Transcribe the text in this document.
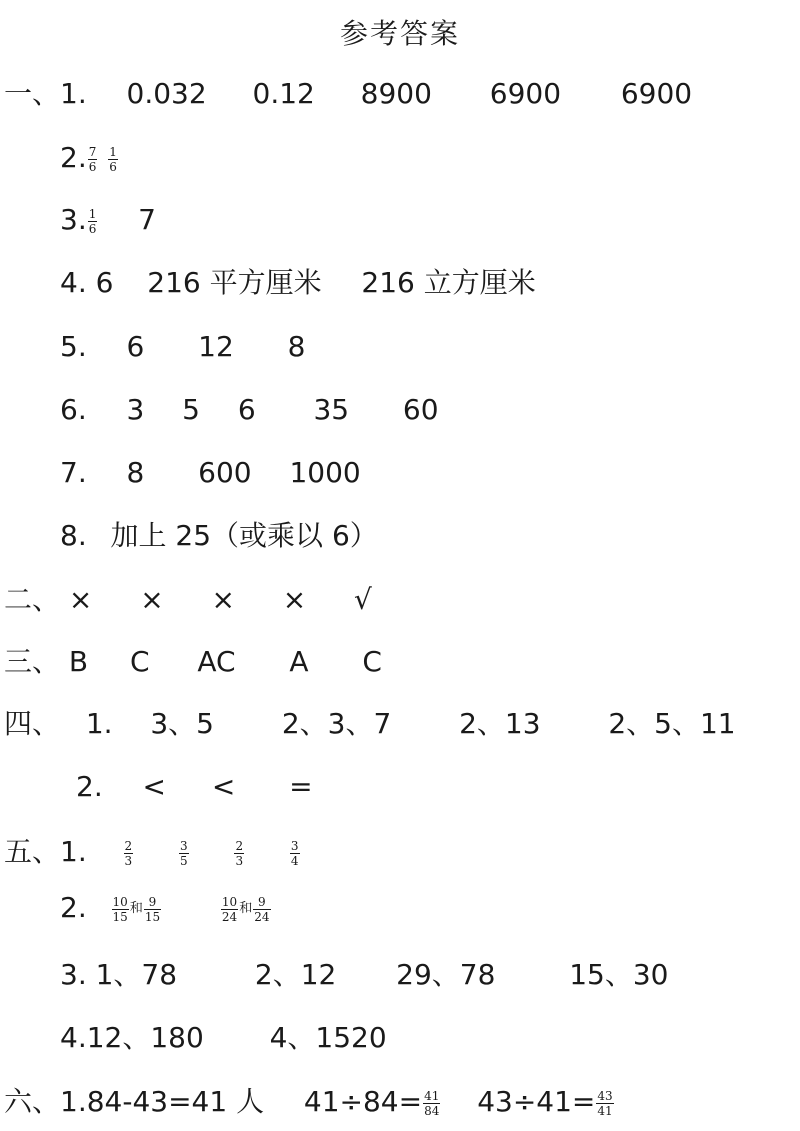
参考答案
一、1. 0.032 0.12 8900 6900 6900
2. $\frac{7}{6}$
$\frac{1}{6}$
3. $\frac{1}{6} 7$
4. 6 216 平方厘米 216 立方厘米
5. 6 12 8
6. 3 5 6 35 60
7. 8 600 1000
8. 加上 25（或乘以 6）
二、 × × × × √
三、 B C AC A C
四、 1. 3、5 2、3、7 2、13 2、5、11
2. < < =
五、1.	$\frac{2}{3}$
	$\frac{3}{5}$
	$\frac{2}{3}$
	$\frac{3}{4}$
2. $\frac{10}{15}$ 和 $\frac{9}{15}$
	$\frac{10}{24}$ 和 $\frac{9}{24}$
3. 1、78	2、12 29、78	15、30
4.12、180 4、1520
六、1.84-43=41 人 $41\div 84= \frac{41}{84} 43\div 41= \frac{43}{41}$
